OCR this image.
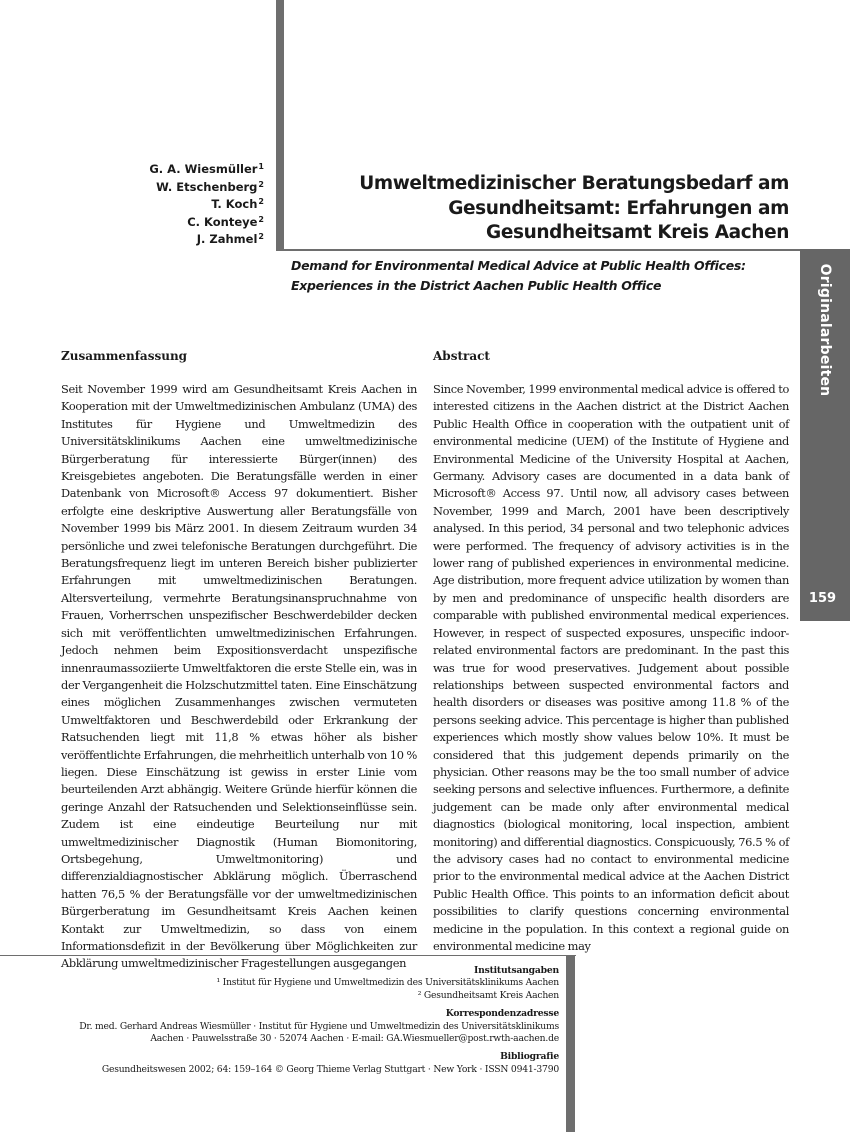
Originalarbeiten
159
G. A. Wiesmüller$^1$
W. Etschenberg$^2$
T. Koch$^2$
C. Konteye$^2$
J. Zahmel$^2$
Umweltmedizinischer Beratungsbedarf am
Gesundheitsamt: Erfahrungen am
Gesundheitsamt Kreis Aachen
Demand for Environmental Medical Advice at Public Health Offices:
Experiences in the District Aachen Public Health Office

Zusammenfassung

Seit November 1999 wird am Gesundheitsamt Kreis Aachen in Kooperation mit der Umweltmedizinischen Ambulanz (UMA) des Institutes für Hygiene und Umweltmedizin des Universitätsklinikums Aachen eine umweltmedizinische Bürgerberatung für interessierte Bürger(innen) des Kreisgebietes angeboten. Die Beratungsfälle werden in einer Datenbank von Microsoft® Access 97 dokumentiert. Bisher erfolgte eine deskriptive Auswertung aller Beratungsfälle von November 1999 bis März 2001. In diesem Zeitraum wurden 34 persönliche und zwei telefonische Beratungen durchgeführt. Die Beratungsfrequenz liegt im unteren Bereich bisher publizierter Erfahrungen mit umweltmedizinischen Beratungen. Altersverteilung, vermehrte Beratungsinanspruchnahme von Frauen, Vorherrschen unspezifischer Beschwerdebilder decken sich mit veröffentlichten umweltmedizinischen Erfahrungen. Jedoch nehmen beim Expositionsverdacht unspezifische innenraumassoziierte Umweltfaktoren die erste Stelle ein, was in der Vergangenheit die Holzschutzmittel taten. Eine Einschätzung eines möglichen Zusammenhanges zwischen vermuteten Umweltfaktoren und Beschwerdebild oder Erkrankung der Ratsuchenden liegt mit 11,8 % etwas höher als bisher veröffentlichte Erfahrungen, die mehrheitlich unterhalb von 10 % liegen. Diese Einschätzung ist gewiss in erster Linie vom beurteilenden Arzt abhängig. Weitere Gründe hierfür können die geringe Anzahl der Ratsuchenden und Selektionseinflüsse sein. Zudem ist eine eindeutige Beurteilung nur mit umweltmedizinischer Diagnostik (Human Biomonitoring, Ortsbegehung, Umweltmonitoring) und differenzialdiagnostischer Abklärung möglich. Überraschend hatten 76,5 % der Beratungsfälle vor der umweltmedizinischen Bürgerberatung im Gesundheitsamt Kreis Aachen keinen Kontakt zur Umweltmedizin, so dass von einem Informationsdefizit in der Bevölkerung über Möglichkeiten zur Abklärung umweltmedizinischer Fragestellungen ausgegangen

Abstract

Since November, 1999 environmental medical advice is offered to interested citizens in the Aachen district at the District Aachen Public Health Office in cooperation with the outpatient unit of environmental medicine (UEM) of the Institute of Hygiene and Environmental Medicine of the University Hospital at Aachen, Germany. Advisory cases are documented in a data bank of Microsoft® Access 97. Until now, all advisory cases between November, 1999 and March, 2001 have been descriptively analysed. In this period, 34 personal and two telephonic advices were performed. The frequency of advisory activities is in the lower rang of published experiences in environmental medicine. Age distribution, more frequent advice utilization by women than by men and predominance of unspecific health disorders are comparable with published environmental medical experiences. However, in respect of suspected exposures, unspecific indoor-related environmental factors are predominant. In the past this was true for wood preservatives. Judgement about possible relationships between suspected environmental factors and health disorders or diseases was positive among 11.8 % of the persons seeking advice. This percentage is higher than published experiences which mostly show values below 10%. It must be considered that this judgement depends primarily on the physician. Other reasons may be the too small number of advice seeking persons and selective influences. Furthermore, a definite judgement can be made only after environmental medical diagnostics (biological monitoring, local inspection, ambient monitoring) and differential diagnostics. Conspicuously, 76.5 % of the advisory cases had no contact to environmental medicine prior to the environmental medical advice at the Aachen District Public Health Office. This points to an information deficit about possibilities to clarify questions concerning environmental medicine in the population. In this context a regional guide on environmental medicine may

Institutsangaben
¹ Institut für Hygiene und Umweltmedizin des Universitätsklinikums Aachen
² Gesundheitsamt Kreis Aachen
Korrespondenzadresse
Dr. med. Gerhard Andreas Wiesmüller · Institut für Hygiene und Umweltmedizin des Universitätsklinikums
Aachen · Pauwelsstraße 30 · 52074 Aachen · E-mail: GA.Wiesmueller@post.rwth-aachen.de
Bibliografie
Gesundheitswesen 2002; 64: 159–164 © Georg Thieme Verlag Stuttgart · New York · ISSN 0941-3790
